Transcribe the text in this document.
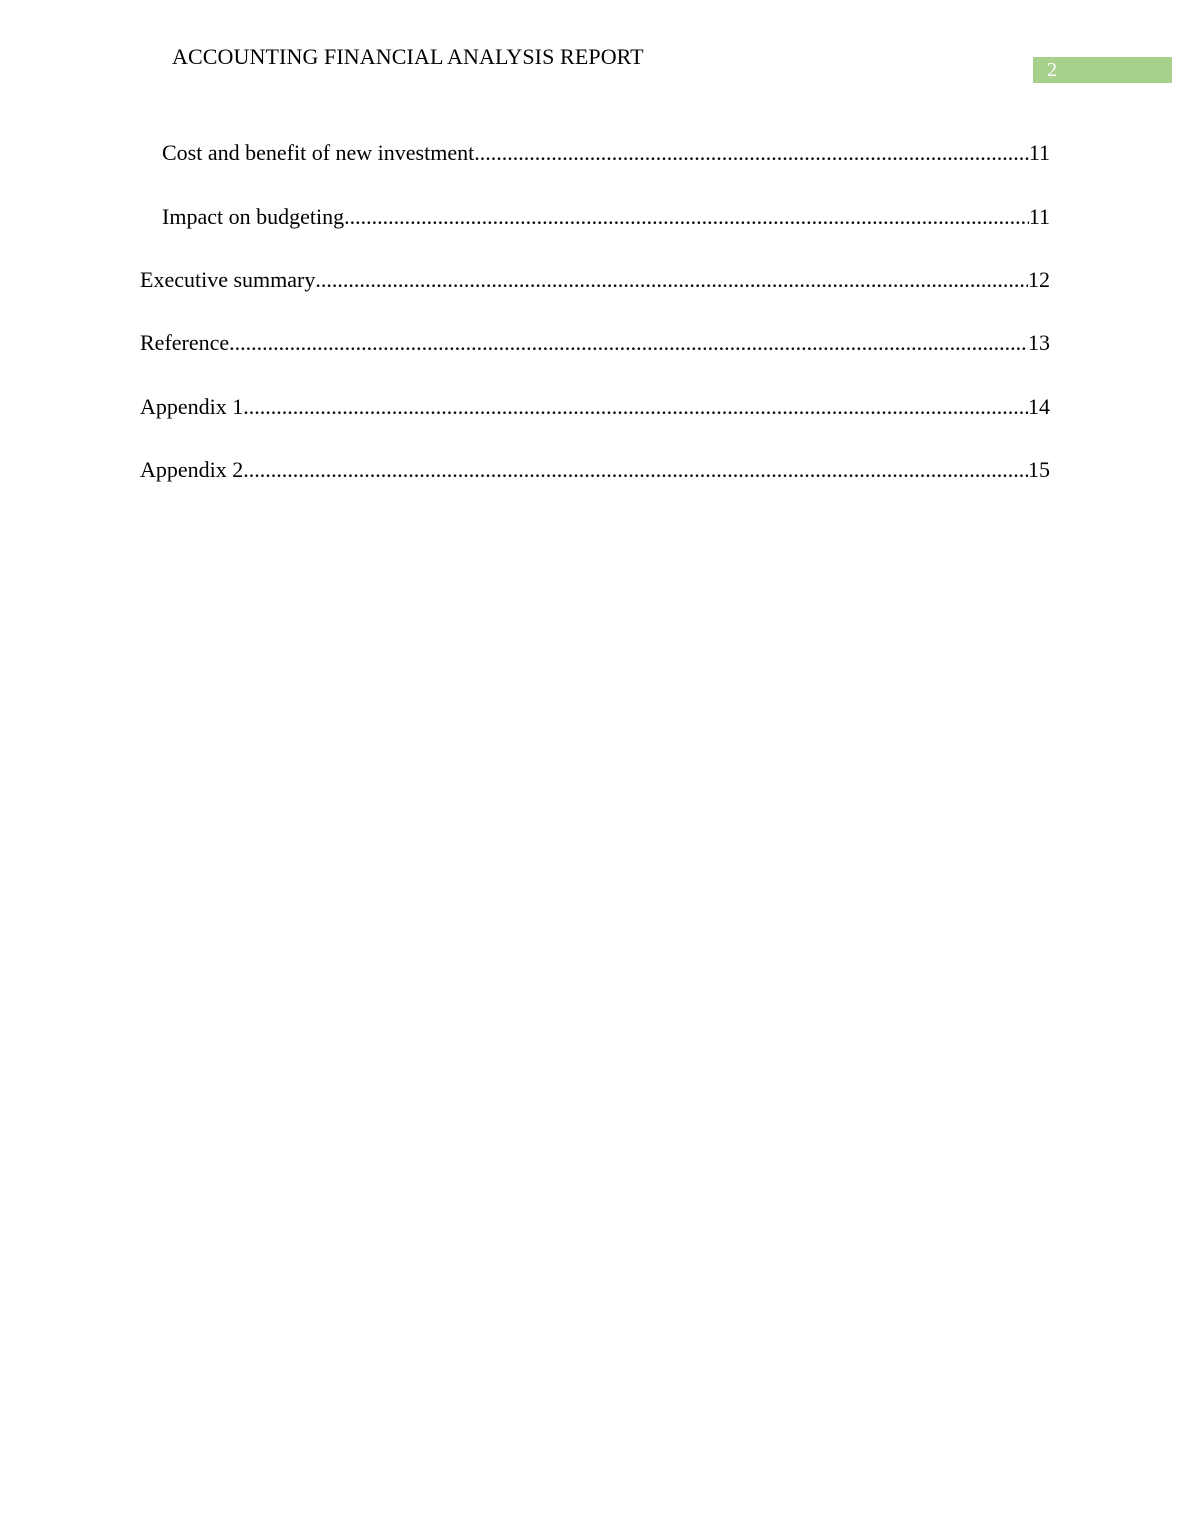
ACCOUNTING FINANCIAL ANALYSIS REPORT
2
Cost and benefit of new investment .....	11
Impact on budgeting .....	11
Executive summary .....	12
Reference .....	13
Appendix 1 .....	14
Appendix 2 .....	15
